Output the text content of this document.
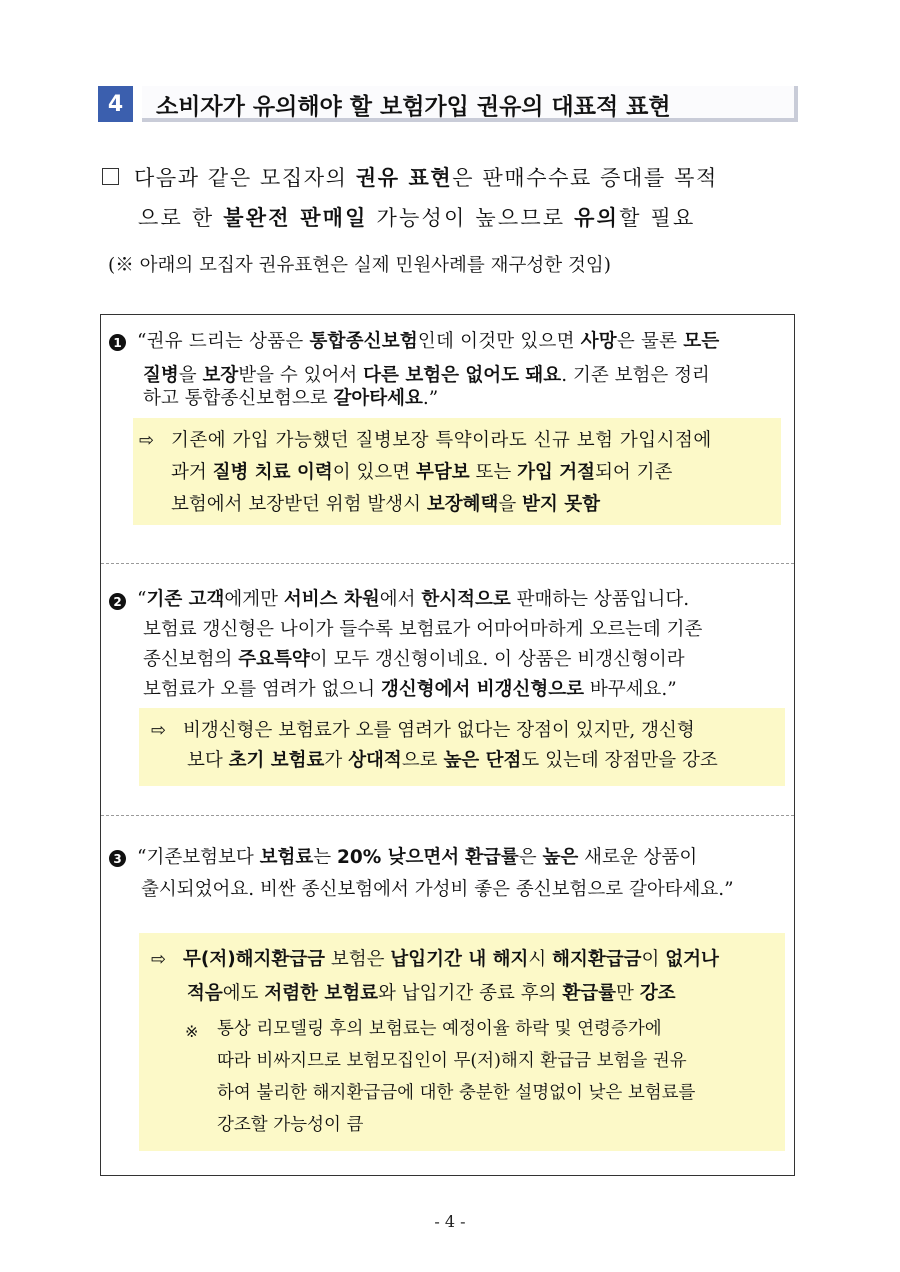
4	소비자가 유의해야 할 보험가입 권유의 대표적 표현
다음과 같은 모집자의 권유 표현은 판매수수료 증대를 목적
으로 한 불완전 판매일 가능성이 높으므로 유의할 필요
(※ 아래의 모집자 권유표현은 실제 민원사례를 재구성한 것임)
1 “권유 드리는 상품은 통합종신보험인데 이것만 있으면 사망은 물론 모든
질병을 보장받을 수 있어서 다른 보험은 없어도 돼요. 기존 보험은 정리
하고 통합종신보험으로 갈아타세요.”
⇨ 기존에 가입 가능했던 질병보장 특약이라도 신규 보험 가입시점에
과거 질병 치료 이력이 있으면 부담보 또는 가입 거절되어 기존
보험에서 보장받던 위험 발생시 보장혜택을 받지 못함
2 “기존 고객에게만 서비스 차원에서 한시적으로 판매하는 상품입니다.
보험료 갱신형은 나이가 들수록 보험료가 어마어마하게 오르는데 기존
종신보험의 주요특약이 모두 갱신형이네요. 이 상품은 비갱신형이라
보험료가 오를 염려가 없으니 갱신형에서 비갱신형으로 바꾸세요.”
⇨ 비갱신형은 보험료가 오를 염려가 없다는 장점이 있지만, 갱신형
보다 초기 보험료가 상대적으로 높은 단점도 있는데 장점만을 강조
3 “기존보험보다 보험료는 20% 낮으면서 환급률은 높은 새로운 상품이
출시되었어요. 비싼 종신보험에서 가성비 좋은 종신보험으로 갈아타세요.”
⇨ 무(저)해지환급금 보험은 납입기간 내 해지시 해지환급금이 없거나
적음에도 저렴한 보험료와 납입기간 종료 후의 환급률만 강조
※ 통상 리모델링 후의 보험료는 예정이율 하락 및 연령증가에
따라 비싸지므로 보험모집인이 무(저)해지 환급금 보험을 권유
하여 불리한 해지환급금에 대한 충분한 설명없이 낮은 보험료를
강조할 가능성이 큼
- 4 -
